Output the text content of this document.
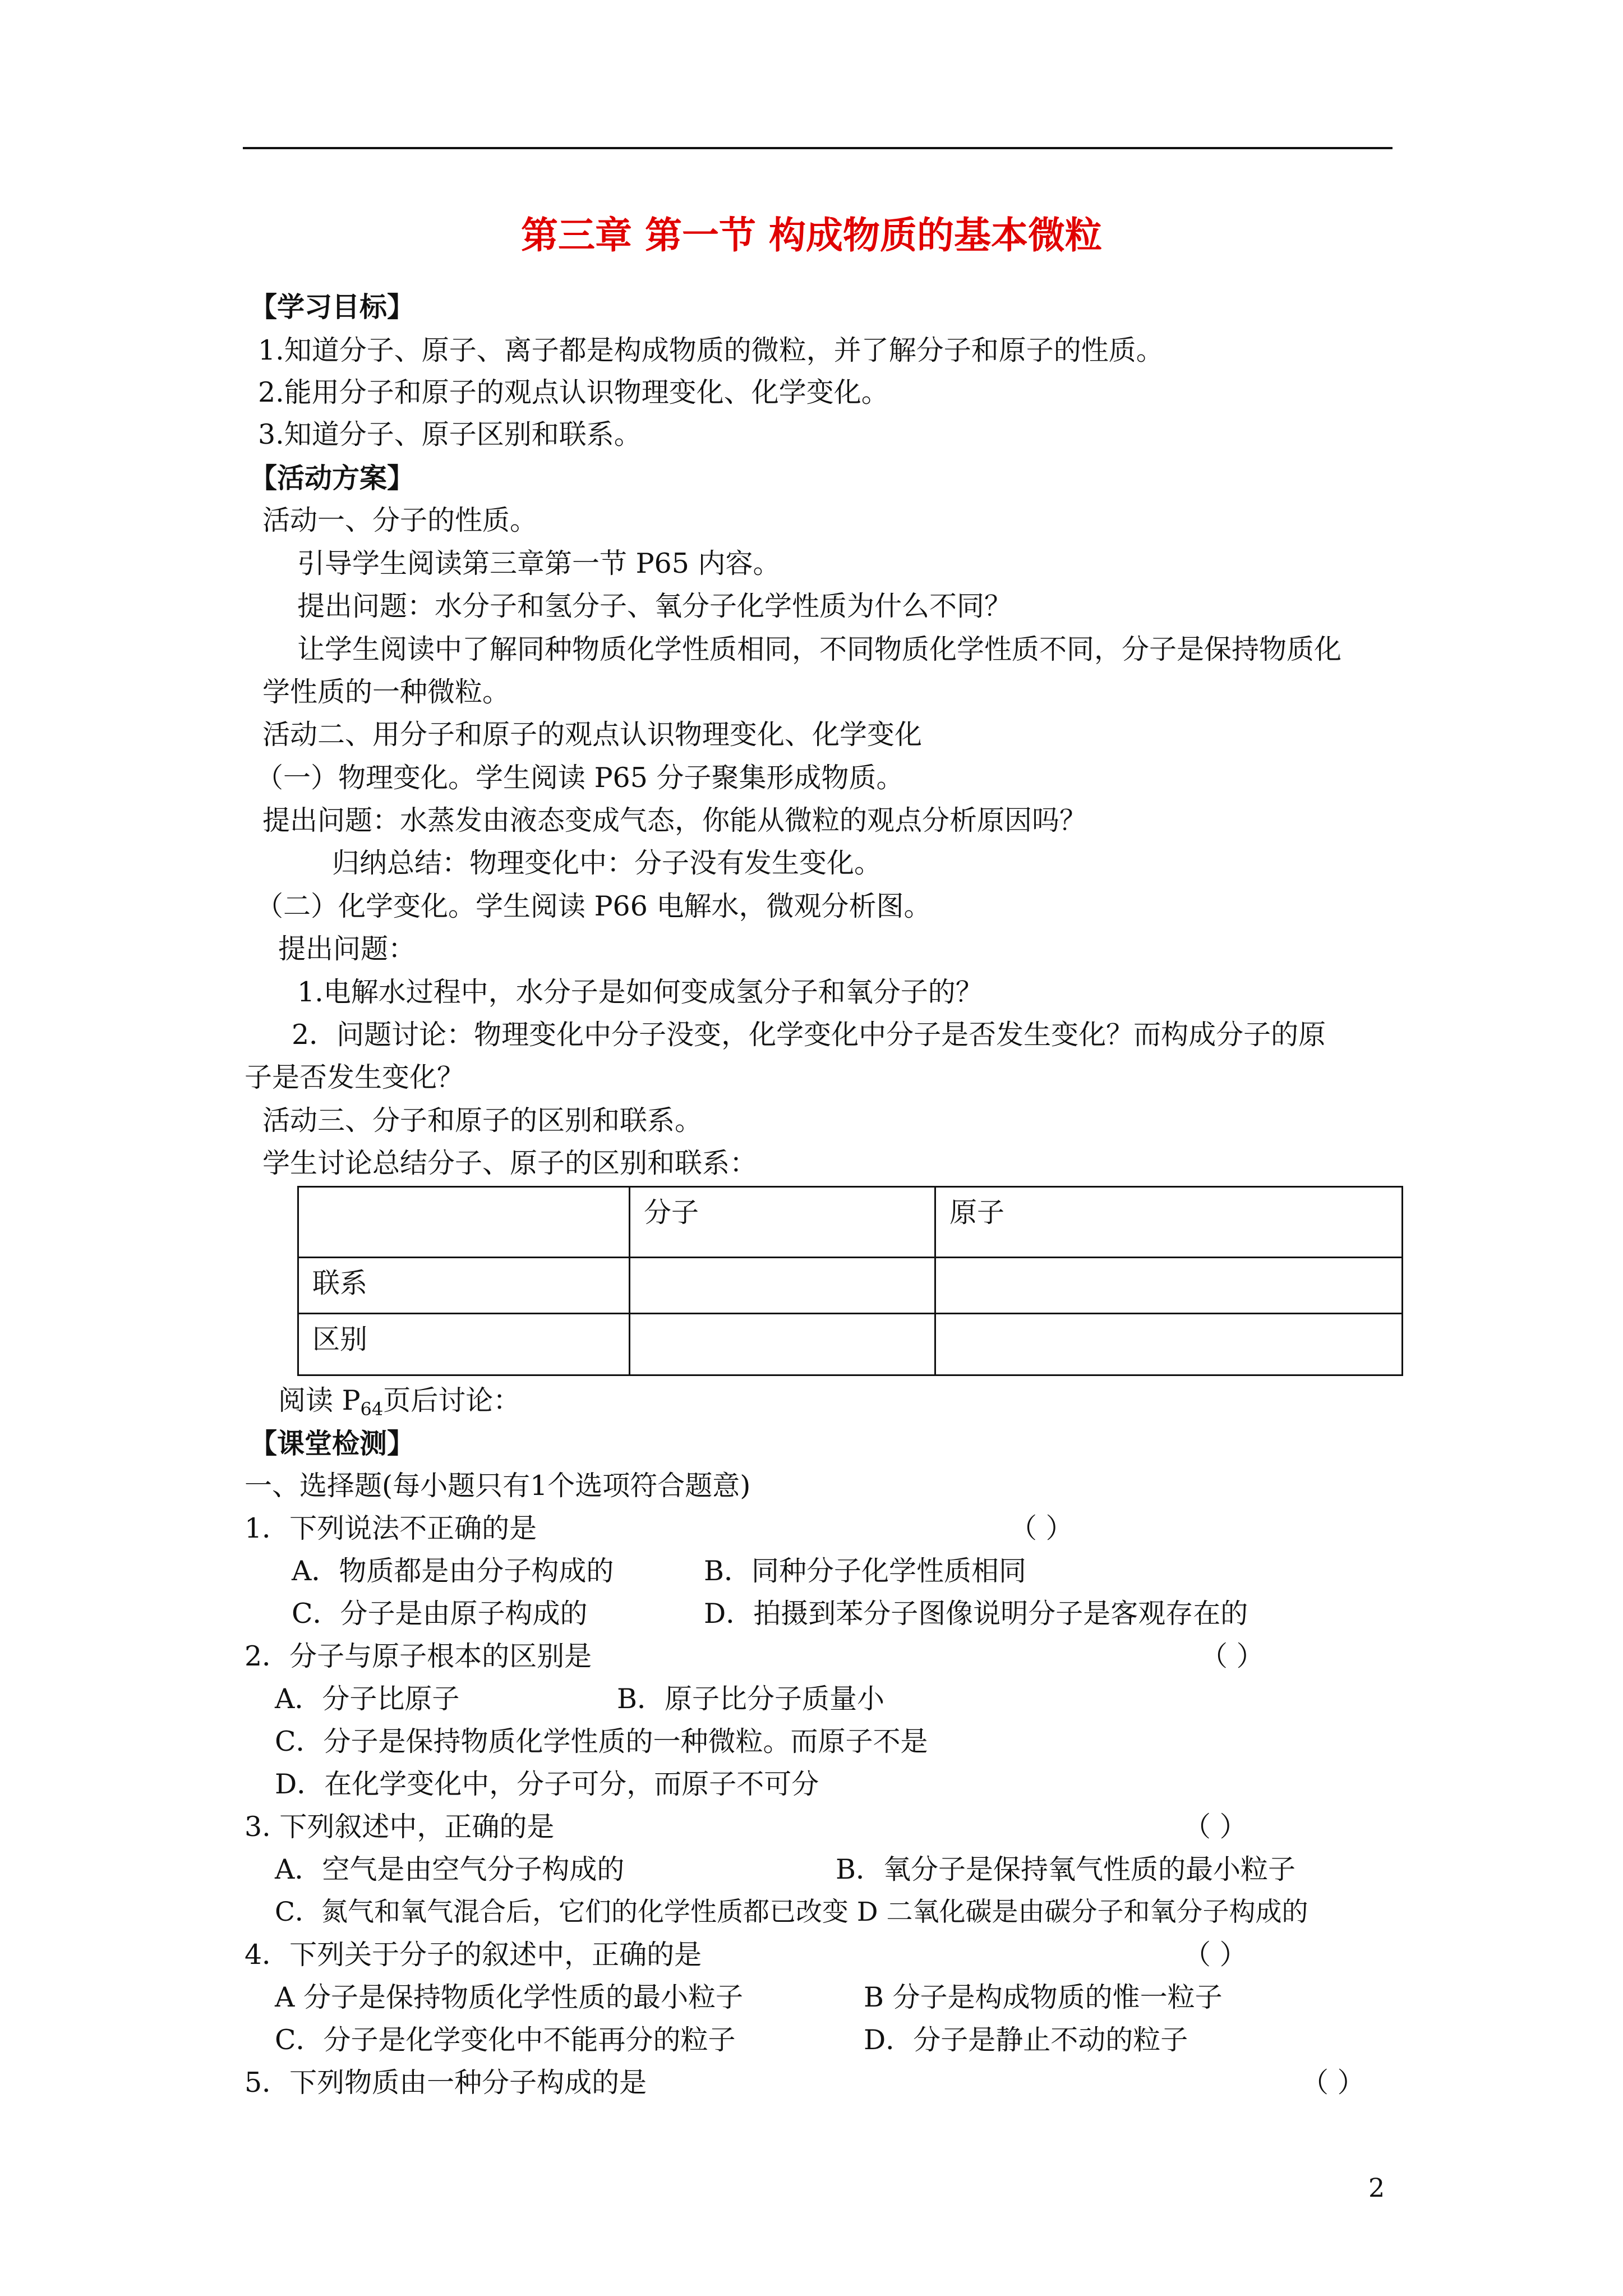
第三章 第一节 构成物质的基本微粒
【学习目标】
1.知道分子、原子、离子都是构成物质的微粒，并了解分子和原子的性质。
2.能用分子和原子的观点认识物理变化、化学变化。
3.知道分子、原子区别和联系。
【活动方案】
活动一、分子的性质。
引导学生阅读第三章第一节 P65 内容。
提出问题：水分子和氢分子、氧分子化学性质为什么不同？
让学生阅读中了解同种物质化学性质相同，不同物质化学性质不同，分子是保持物质化
学性质的一种微粒。
活动二、用分子和原子的观点认识物理变化、化学变化
（一）物理变化。学生阅读 P65 分子聚集形成物质。
提出问题：水蒸发由液态变成气态，你能从微粒的观点分析原因吗？
归纳总结：物理变化中：分子没有发生变化。
（二）化学变化。学生阅读 P66 电解水，微观分析图。
提出问题：
1.电解水过程中，水分子是如何变成氢分子和氧分子的？
2．问题讨论：物理变化中分子没变，化学变化中分子是否发生变化？而构成分子的原
子是否发生变化？
活动三、分子和原子的区别和联系。
学生讨论总结分子、原子的区别和联系：
	分子	原子
联系		
区别		
阅读 $P_{64}$页后讨论：
【课堂检测】
一、选择题(每小题只有1个选项符合题意)
1．下列说法不正确的是	（ ）
A．物质都是由分子构成的	B．同种分子化学性质相同
C．分子是由原子构成的	D．拍摄到苯分子图像说明分子是客观存在的
2．分子与原子根本的区别是	（ ）
A．分子比原子	B．原子比分子质量小
C．分子是保持物质化学性质的一种微粒。而原子不是
D．在化学变化中，分子可分，而原子不可分
3. 下列叙述中，正确的是	（ ）
A．空气是由空气分子构成的	B．氧分子是保持氧气性质的最小粒子
C．氮气和氧气混合后，它们的化学性质都已改变 D 二氧化碳是由碳分子和氧分子构成的
4．下列关于分子的叙述中，正确的是	（ ）
A 分子是保持物质化学性质的最小粒子	B 分子是构成物质的惟一粒子
C．分子是化学变化中不能再分的粒子	D．分子是静止不动的粒子
5．下列物质由一种分子构成的是	（ ）
2
